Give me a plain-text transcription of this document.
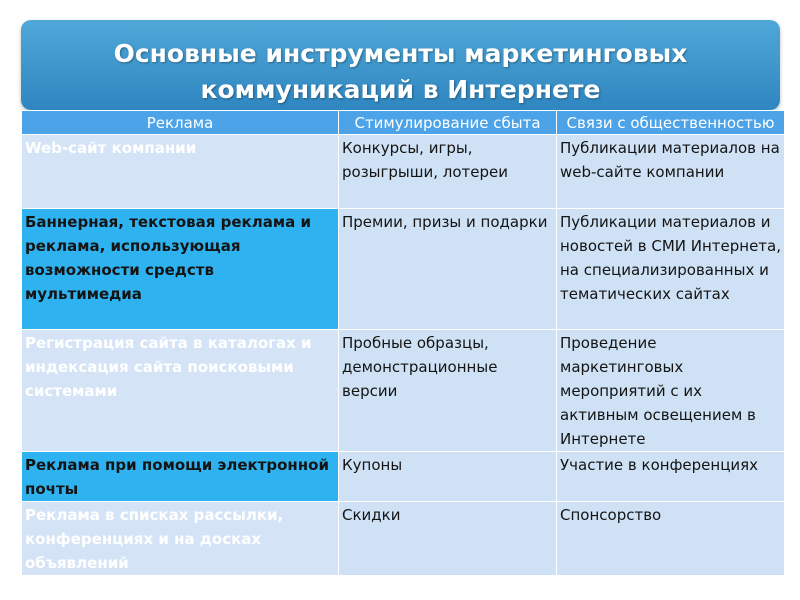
Основные инструменты маркетинговых
коммуникаций в Интернете
Реклама	Стимулирование сбыта	Связи с общественностью
Web-сайт компании	Конкурсы, игры, розыгрыши, лотереи	Публикации материалов на web-сайте компании
Баннерная, текстовая реклама и реклама, использующая возможности средств мультимедиа	Премии, призы и подарки	Публикации материалов и новостей в СМИ Интернета, на специализированных и тематических сайтах
Регистрация сайта в каталогах и индексация сайта поисковыми системами	Пробные образцы, демонстрационные версии	Проведение маркетинговых мероприятий с их активным освещением в Интернете
Реклама при помощи электронной почты	Купоны	Участие в конференциях
Реклама в списках рассылки, конференциях и на досках объявлений	Скидки	Спонсорство
